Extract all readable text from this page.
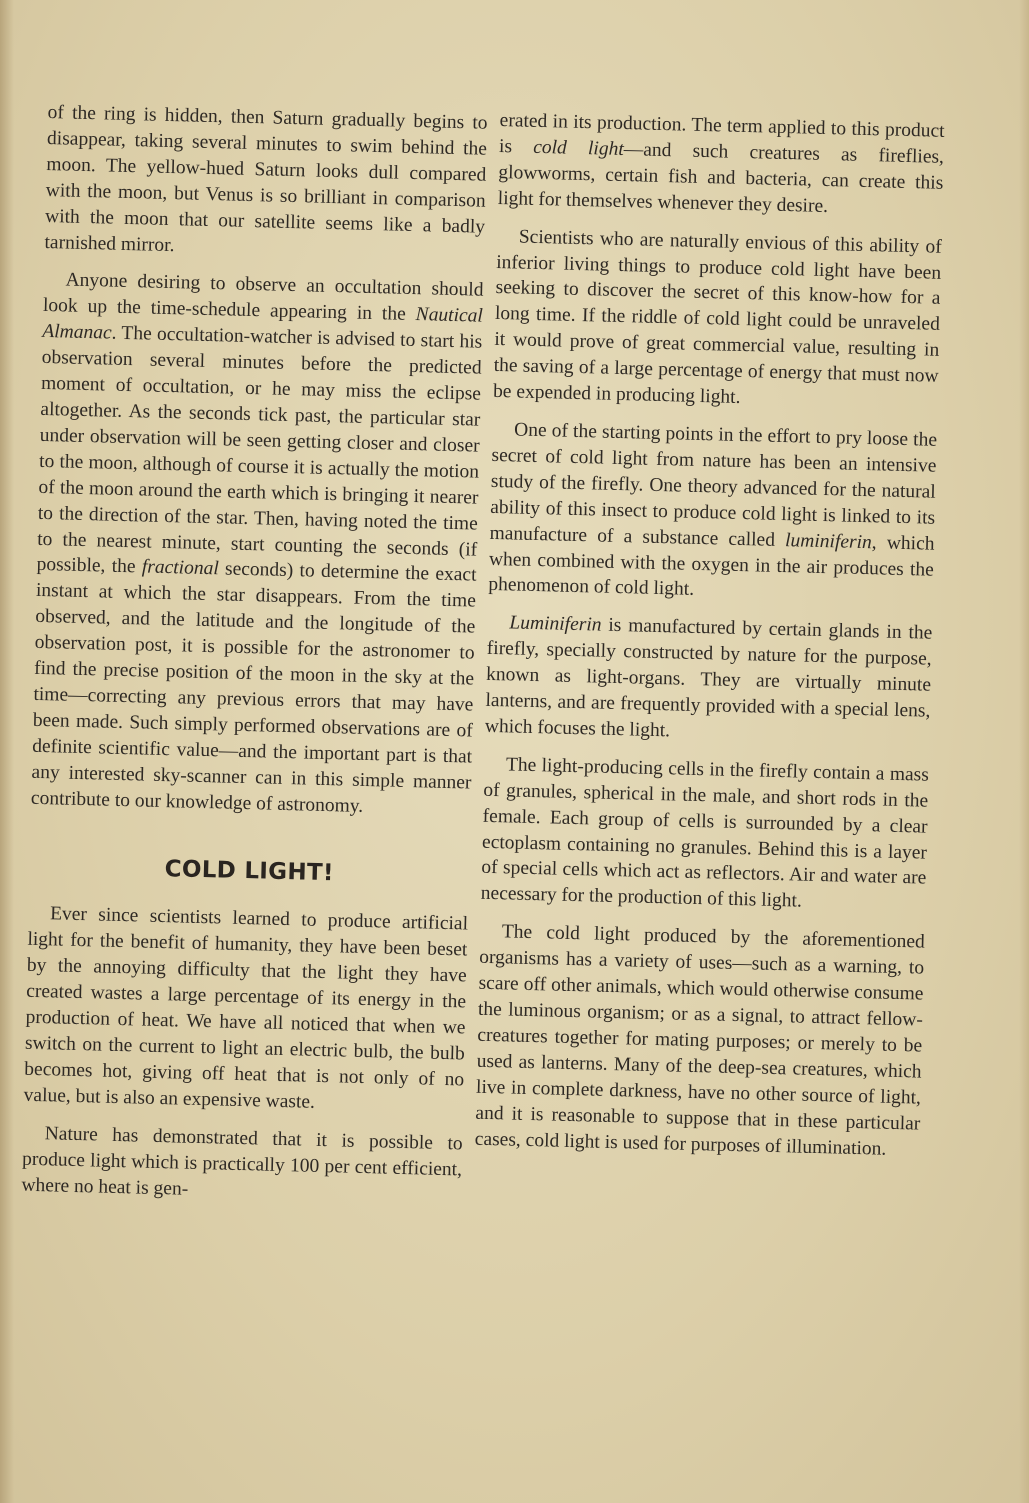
of the ring is hidden, then Saturn gradually begins to disappear, taking several minutes to swim behind the moon. The yellow-hued Saturn looks dull compared with the moon, but Venus is so brilliant in comparison with the moon that our satellite seems like a badly tarnished mirror.

Anyone desiring to observe an occultation should look up the time-schedule appearing in the Nautical Almanac. The occultation-watcher is advised to start his observation several minutes before the predicted moment of occultation, or he may miss the eclipse altogether. As the seconds tick past, the particular star under observation will be seen getting closer and closer to the moon, although of course it is actually the motion of the moon around the earth which is bringing it nearer to the direction of the star. Then, having noted the time to the nearest minute, start counting the seconds (if possible, the fractional seconds) to determine the exact instant at which the star disappears. From the time observed, and the latitude and the longitude of the observation post, it is possible for the astronomer to find the precise position of the moon in the sky at the time—correcting any previous errors that may have been made. Such simply performed observations are of definite scientific value—and the important part is that any interested sky-scanner can in this simple manner contribute to our knowledge of astronomy.

COLD LIGHT!

Ever since scientists learned to produce artificial light for the benefit of humanity, they have been beset by the annoying difficulty that the light they have created wastes a large percentage of its energy in the production of heat. We have all noticed that when we switch on the current to light an electric bulb, the bulb becomes hot, giving off heat that is not only of no value, but is also an expensive waste.

Nature has demonstrated that it is possible to produce light which is practically 100 per cent efficient, where no heat is gen-

erated in its production. The term applied to this product is cold light—and such creatures as fireflies, glowworms, certain fish and bacteria, can create this light for themselves whenever they desire.

Scientists who are naturally envious of this ability of inferior living things to produce cold light have been seeking to discover the secret of this know-how for a long time. If the riddle of cold light could be unraveled it would prove of great commercial value, resulting in the saving of a large percentage of energy that must now be expended in producing light.

One of the starting points in the effort to pry loose the secret of cold light from nature has been an intensive study of the firefly. One theory advanced for the natural ability of this insect to produce cold light is linked to its manufacture of a substance called luminiferin, which when combined with the oxygen in the air produces the phenomenon of cold light.

Luminiferin is manufactured by certain glands in the firefly, specially constructed by nature for the purpose, known as light-organs. They are virtually minute lanterns, and are frequently provided with a special lens, which focuses the light.

The light-producing cells in the firefly contain a mass of granules, spherical in the male, and short rods in the female. Each group of cells is surrounded by a clear ectoplasm containing no granules. Behind this is a layer of special cells which act as reflectors. Air and water are necessary for the production of this light.

The cold light produced by the aforementioned organisms has a variety of uses—such as a warning, to scare off other animals, which would otherwise consume the luminous organism; or as a signal, to attract fellow-creatures together for mating purposes; or merely to be used as lanterns. Many of the deep-sea creatures, which live in complete darkness, have no other source of light, and it is reasonable to suppose that in these particular cases, cold light is used for purposes of illumination.
